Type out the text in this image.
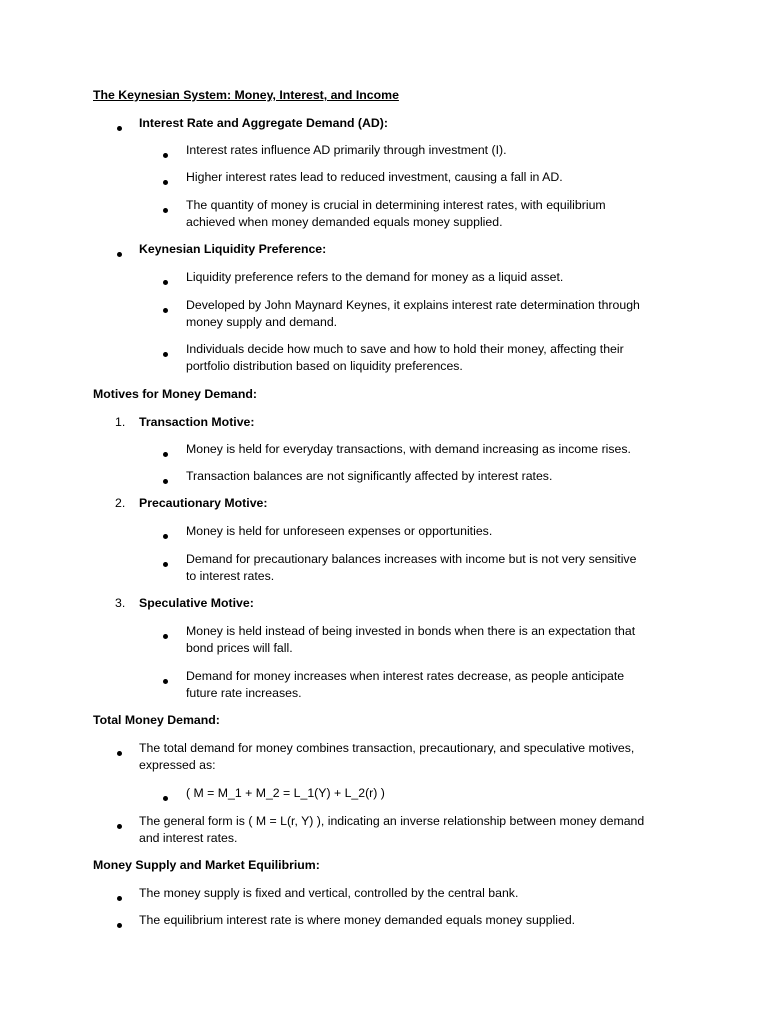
The Keynesian System: Money, Interest, and Income
Interest Rate and Aggregate Demand (AD):
Interest rates influence AD primarily through investment (I).
Higher interest rates lead to reduced investment, causing a fall in AD.
The quantity of money is crucial in determining interest rates, with equilibrium
achieved when money demanded equals money supplied.
Keynesian Liquidity Preference:
Liquidity preference refers to the demand for money as a liquid asset.
Developed by John Maynard Keynes, it explains interest rate determination through
money supply and demand.
Individuals decide how much to save and how to hold their money, affecting their
portfolio distribution based on liquidity preferences.
Motives for Money Demand:
1. Transaction Motive:
Money is held for everyday transactions, with demand increasing as income rises.
Transaction balances are not significantly affected by interest rates.
2. Precautionary Motive:
Money is held for unforeseen expenses or opportunities.
Demand for precautionary balances increases with income but is not very sensitive
to interest rates.
3. Speculative Motive:
Money is held instead of being invested in bonds when there is an expectation that
bond prices will fall.
Demand for money increases when interest rates decrease, as people anticipate
future rate increases.
Total Money Demand:
The total demand for money combines transaction, precautionary, and speculative motives,
expressed as:
( M = M_1 + M_2 = L_1(Y) + L_2(r) )
The general form is ( M = L(r, Y) ), indicating an inverse relationship between money demand
and interest rates.
Money Supply and Market Equilibrium:
The money supply is fixed and vertical, controlled by the central bank.
The equilibrium interest rate is where money demanded equals money supplied.
